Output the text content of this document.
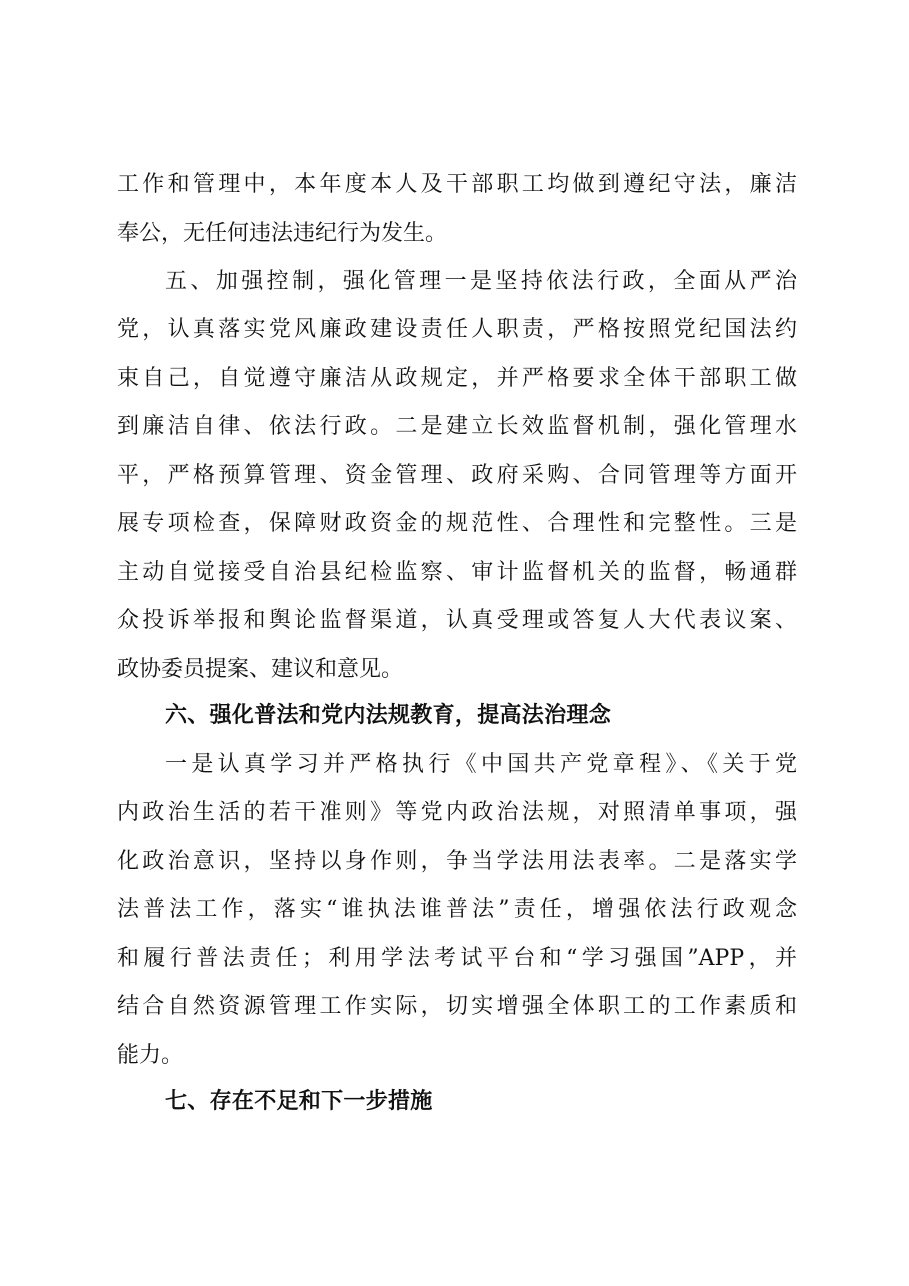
工作和管理中，本年度本人及干部职工均做到遵纪守法，廉洁
奉公，无任何违法违纪行为发生。
五、加强控制，强化管理一是坚持依法行政，全面从严治
党，认真落实党风廉政建设责任人职责，严格按照党纪国法约
束自己，自觉遵守廉洁从政规定，并严格要求全体干部职工做
到廉洁自律、依法行政。二是建立长效监督机制，强化管理水
平，严格预算管理、资金管理、政府采购、合同管理等方面开
展专项检查，保障财政资金的规范性、合理性和完整性。三是
主动自觉接受自治县纪检监察、审计监督机关的监督，畅通群
众投诉举报和舆论监督渠道，认真受理或答复人大代表议案、
政协委员提案、建议和意见。
六、强化普法和党内法规教育，提高法治理念
一是认真学习并严格执行《中国共产党章程》、《关于党
内政治生活的若干准则》等党内政治法规，对照清单事项，强
化政治意识，坚持以身作则，争当学法用法表率。二是落实学
法普法工作，落实“谁执法谁普法”责任，增强依法行政观念
和履行普法责任；利用学法考试平台和“学习强国”APP，并
结合自然资源管理工作实际，切实增强全体职工的工作素质和
能力。
七、存在不足和下一步措施
